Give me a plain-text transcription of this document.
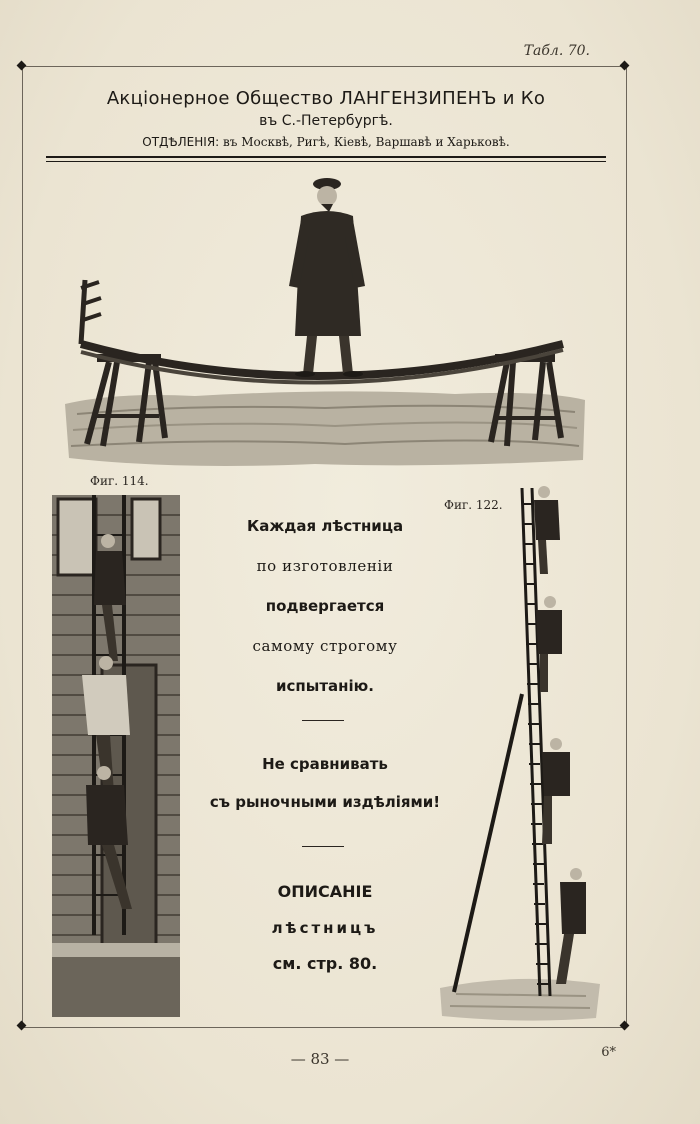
Табл. 70.
Акціонерное Общество ЛАНГЕНЗИПЕНЪ и Ко
въ С.-Петербургѣ.
ОТДѢЛЕНІЯ: въ Москвѣ, Ригѣ, Кіевѣ, Варшавѣ и Харьковѣ.
Фиг. 114.
Фиг. 122.
Каждая лѣстница
по изготовленіи
подвергается
самому строгому
испытанію.
Не сравнивать
съ рыночными издѣліями!
ОПИСАНІЕ
лѣстницъ
см. стр. 80.
— 83 —	6*
